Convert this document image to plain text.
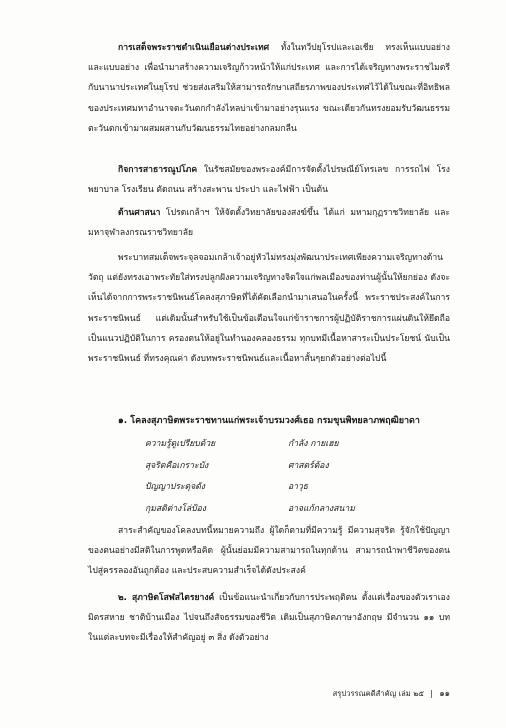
การเสด็จพระราชดำเนินเยือนต่างประเทศ ทั้งในทวีปยุโรปและเอเชีย ทรงเห็นแบบอย่าง และแบบอย่าง เพื่อนำมาสร้างความเจริญก้าวหน้าให้แก่ประเทศ และการได้เจริญทางพระราชไมตรี กับนานาประเทศในยุโรป ช่วยส่งเสริมให้สามารถรักษาเสถียรภาพของประเทศไว้ได้ในขณะที่อิทธิพล ของประเทศมหาอำนาจตะวันตกกำลังไหลบ่าเข้ามาอย่างรุนแรง ขณะเดียวกันทรงยอมรับวัฒนธรรม ตะวันตกเข้ามาผสมผสานกับวัฒนธรรมไทยอย่างกลมกลืน
กิจการสาธารณูปโภค ในรัชสมัยของพระองค์มีการจัดตั้งไปรษณีย์โทรเลข การรถไฟ โรง พยาบาล โรงเรียน ตัดถนน สร้างสะพาน ประปา และไฟฟ้า เป็นต้น
ด้านศาสนา โปรดเกล้าฯ ให้จัดตั้งวิทยาลัยของสงฆ์ขึ้น ได้แก่ มหามกุฏราชวิทยาลัย และ มหาจุฬาลงกรณราชวิทยาลัย
พระบาทสมเด็จพระจุลจอมเกล้าเจ้าอยู่หัวไม่ทรงมุ่งพัฒนาประเทศเพียงความเจริญทางด้านวัตถุ แต่ยังทรงเอาพระทัยใส่ทรงปลูกฝังความเจริญทางจิตใจแก่พลเมืองของท่านผู้นั้นให้ยกย่อง ดังจะเห็นได้จากการพระราชนิพนธ์โคลงสุภาษิตที่ได้คัดเลือกนำมาเสนอในครั้งนี้ พระราชประสงค์ในการพระราชนิพนธ์ แต่เดิมนั้นสำหรับใช้เป็นข้อเตือนใจแก่ข้าราชการผู้ปฏิบัติราชการแผ่นดินให้ยึดถือเป็นแนวปฏิบัติในการ ครองตนให้อยู่ในทำนองคลองธรรม ทุกบทมีเนื้อหาสาระเป็นประโยชน์ นับเป็นพระราชนิพนธ์ ที่ทรงคุณค่า ดังบทพระราชนิพนธ์และเนื้อหาสั้นๆยกตัวอย่างต่อไปนี้
๑. โคลงสุภาษิตพระราชทานแก่พระเจ้าบรมวงศ์เธอ กรมขุนพิทยลาภพฤฒิยาดา
ความรู้ดูเปรียบด้วย	กำลัง กายเฮย
สุจริตคือเกราะบัง	ศาสตร์ต้อง
ปัญญาประดุจดัง	อาวุธ
กุมสติต่างโล่ป้อง	อาจแก้กลางสนาม
สาระสำคัญของโคลงบทนี้หมายความถึง ผู้ใดก็ตามที่มีความรู้ มีความสุจริต รู้จักใช้ปัญญา ของตนอย่างมีสติในการพูดหรือคิด ผู้นั้นย่อมมีความสามารถในทุกด้าน สามารถนำพาชีวิตของตน ไปสู่ครรลองอันถูกต้อง และประสบความสำเร็จได้ดังประสงค์
๒. สุภาษิตโสฬสไตรยางค์ เป็นข้อแนะนำเกี่ยวกับการประพฤติตน ตั้งแต่เรื่องของตัวเราเอง มิตรสหาย ชาติบ้านเมือง ไปจนถึงสัจธรรมของชีวิต เดิมเป็นสุภาษิตภาษาอังกฤษ มีจำนวน ๑๑ บท ในแต่ละบทจะมีเรื่องให้สำคัญอยู่ ๓ สิ่ง ดังตัวอย่าง
สรุปวรรณคดีสำคัญ เล่ม ๒๕ | ๑๑
